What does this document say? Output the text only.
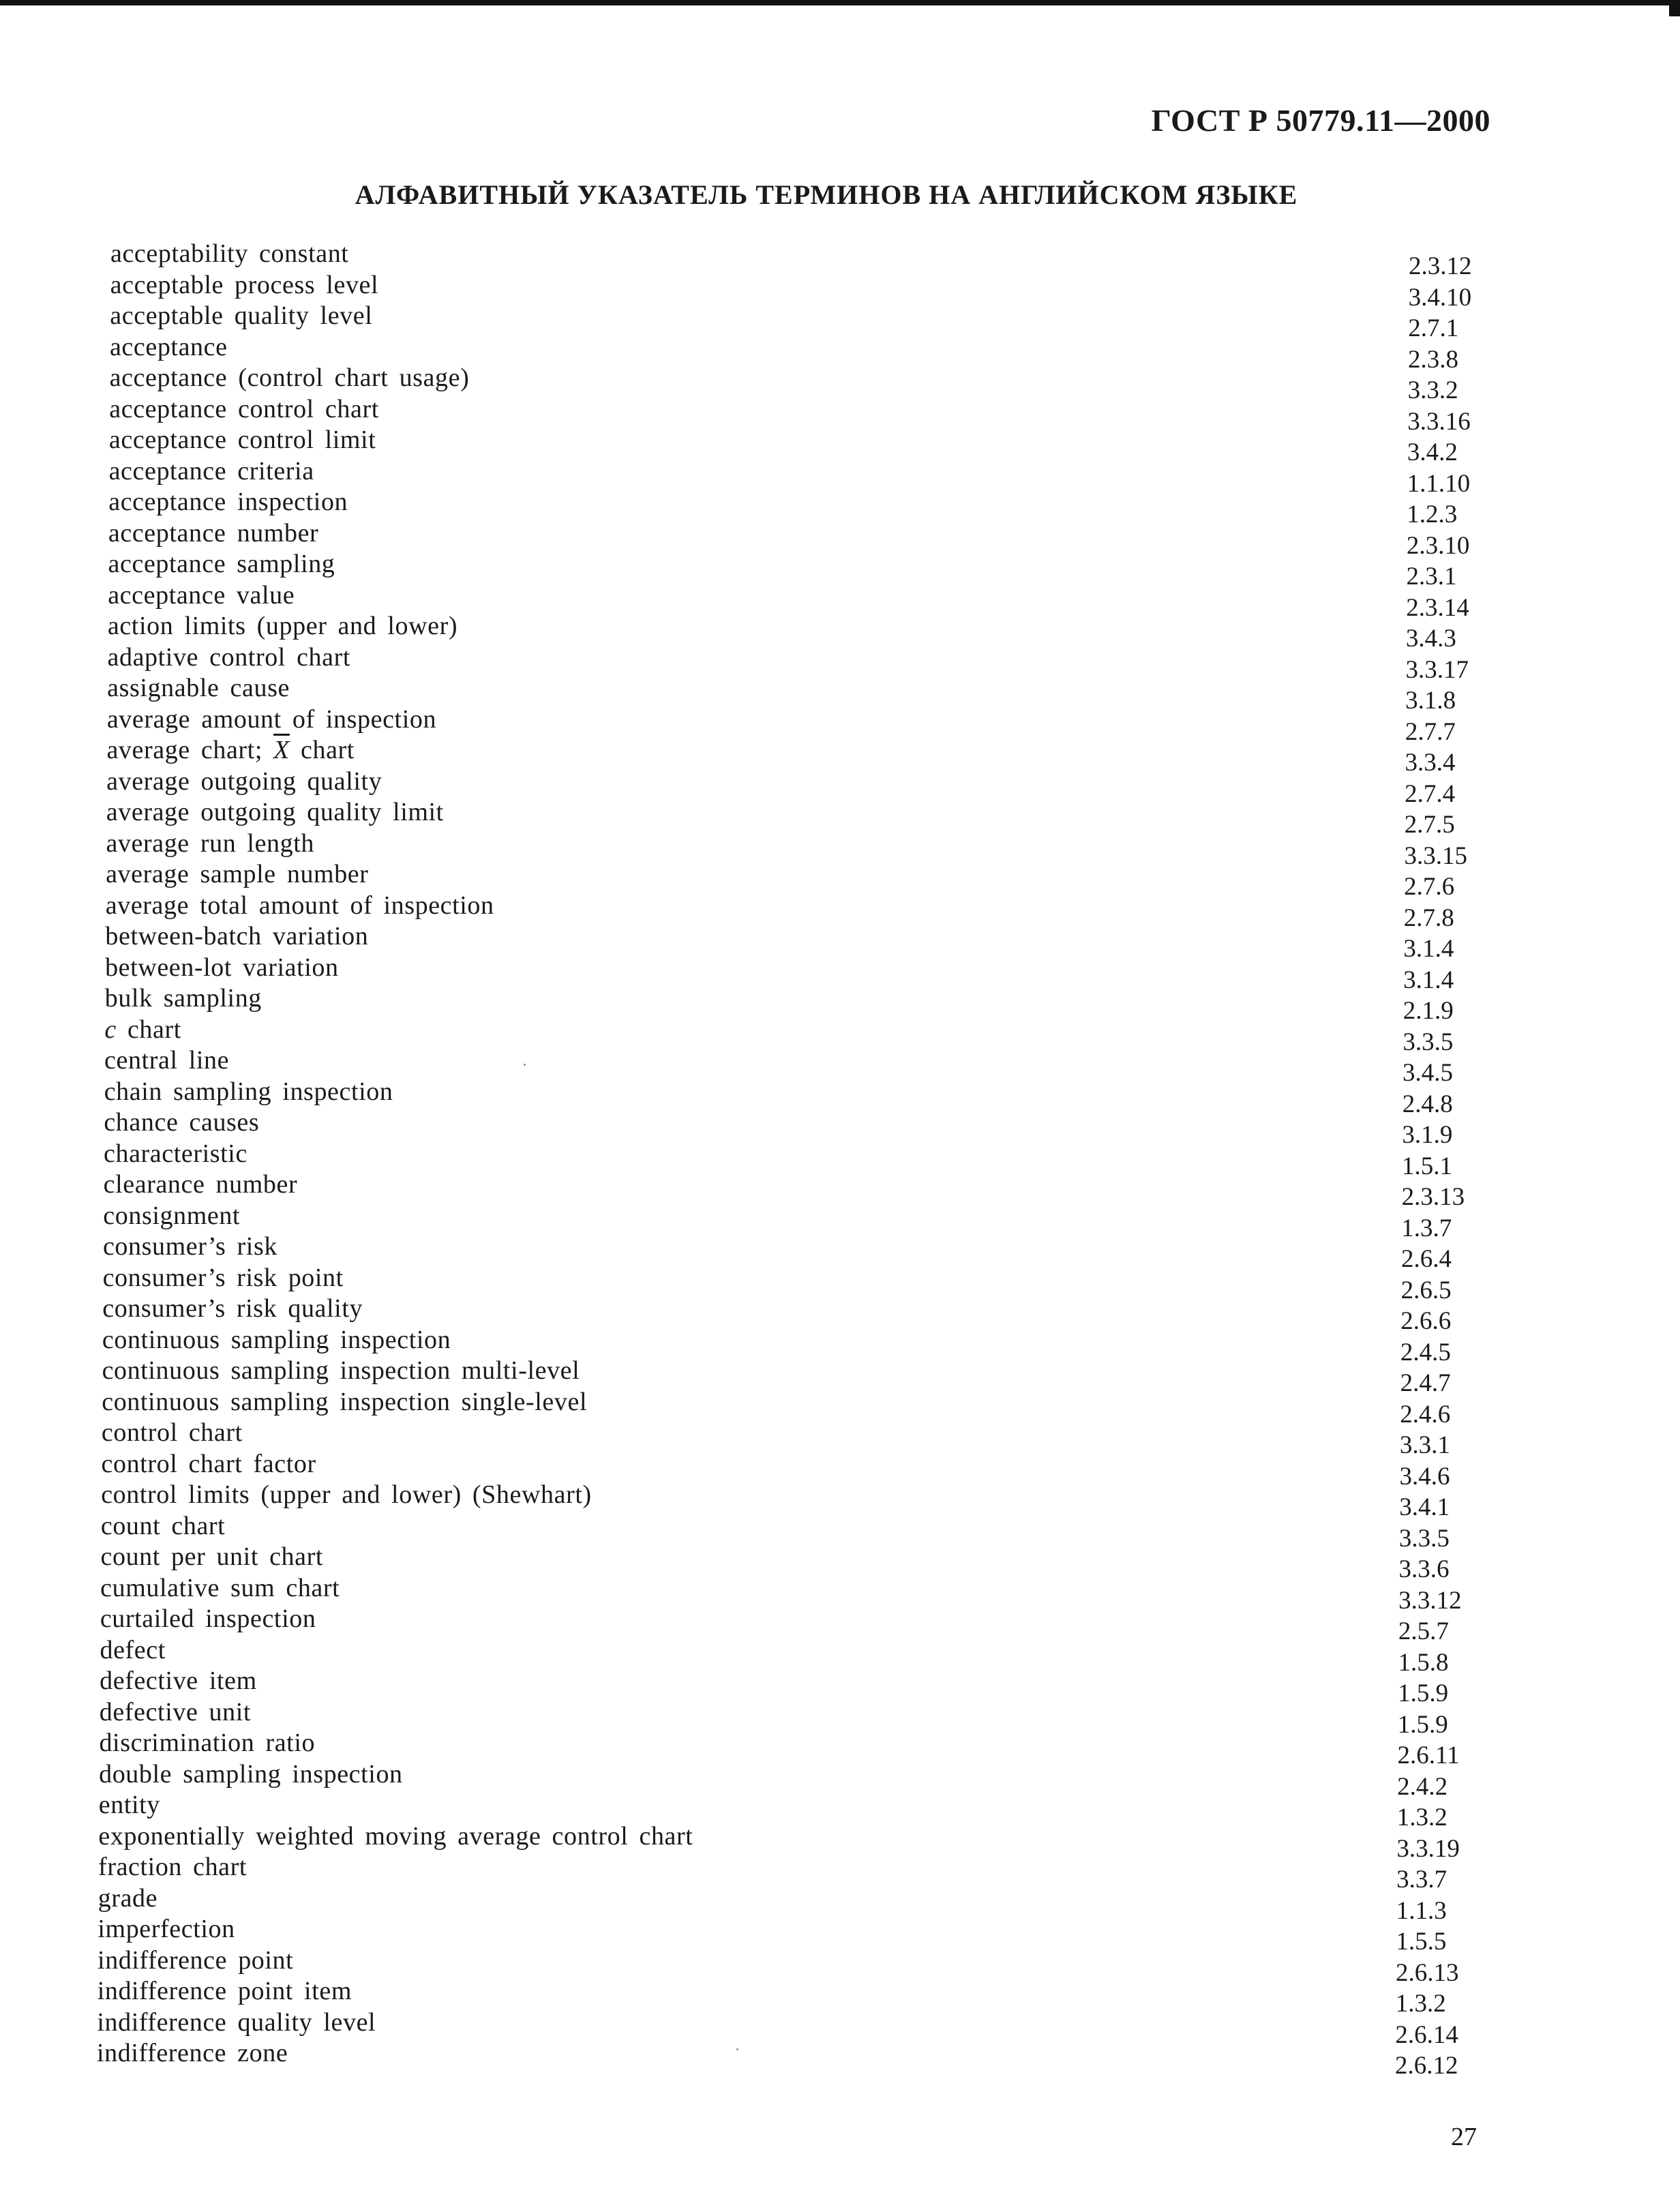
ГОСТ Р 50779.11—2000
АЛФАВИТНЫЙ УКАЗАТЕЛЬ ТЕРМИНОВ НА АНГЛИЙСКОМ ЯЗЫКЕ
acceptability constant	2.3.12
acceptable process level	3.4.10
acceptable quality level	2.7.1
acceptance	2.3.8
acceptance (control chart usage)	3.3.2
acceptance control chart	3.3.16
acceptance control limit	3.4.2
acceptance criteria	1.1.10
acceptance inspection	1.2.3
acceptance number	2.3.10
acceptance sampling	2.3.1
acceptance value	2.3.14
action limits (upper and lower)	3.4.3
adaptive control chart	3.3.17
assignable cause	3.1.8
average amount of inspection	2.7.7
average chart; $\overline{X}$ chart	3.3.4
average outgoing quality	2.7.4
average outgoing quality limit	2.7.5
average run length	3.3.15
average sample number	2.7.6
average total amount of inspection	2.7.8
between-batch variation	3.1.4
between-lot variation	3.1.4
bulk sampling	2.1.9
c chart	3.3.5
central line	3.4.5
chain sampling inspection	2.4.8
chance causes	3.1.9
characteristic	1.5.1
clearance number	2.3.13
consignment	1.3.7
consumer’s risk	2.6.4
consumer’s risk point	2.6.5
consumer’s risk quality	2.6.6
continuous sampling inspection	2.4.5
continuous sampling inspection multi-level	2.4.7
continuous sampling inspection single-level	2.4.6
control chart	3.3.1
control chart factor	3.4.6
control limits (upper and lower) (Shewhart)	3.4.1
count chart	3.3.5
count per unit chart	3.3.6
cumulative sum chart	3.3.12
curtailed inspection	2.5.7
defect	1.5.8
defective item	1.5.9
defective unit	1.5.9
discrimination ratio	2.6.11
double sampling inspection	2.4.2
entity	1.3.2
exponentially weighted moving average control chart	3.3.19
fraction chart	3.3.7
grade	1.1.3
imperfection	1.5.5
indifference point	2.6.13
indifference point item	1.3.2
indifference quality level	2.6.14
indifference zone	2.6.12
27
